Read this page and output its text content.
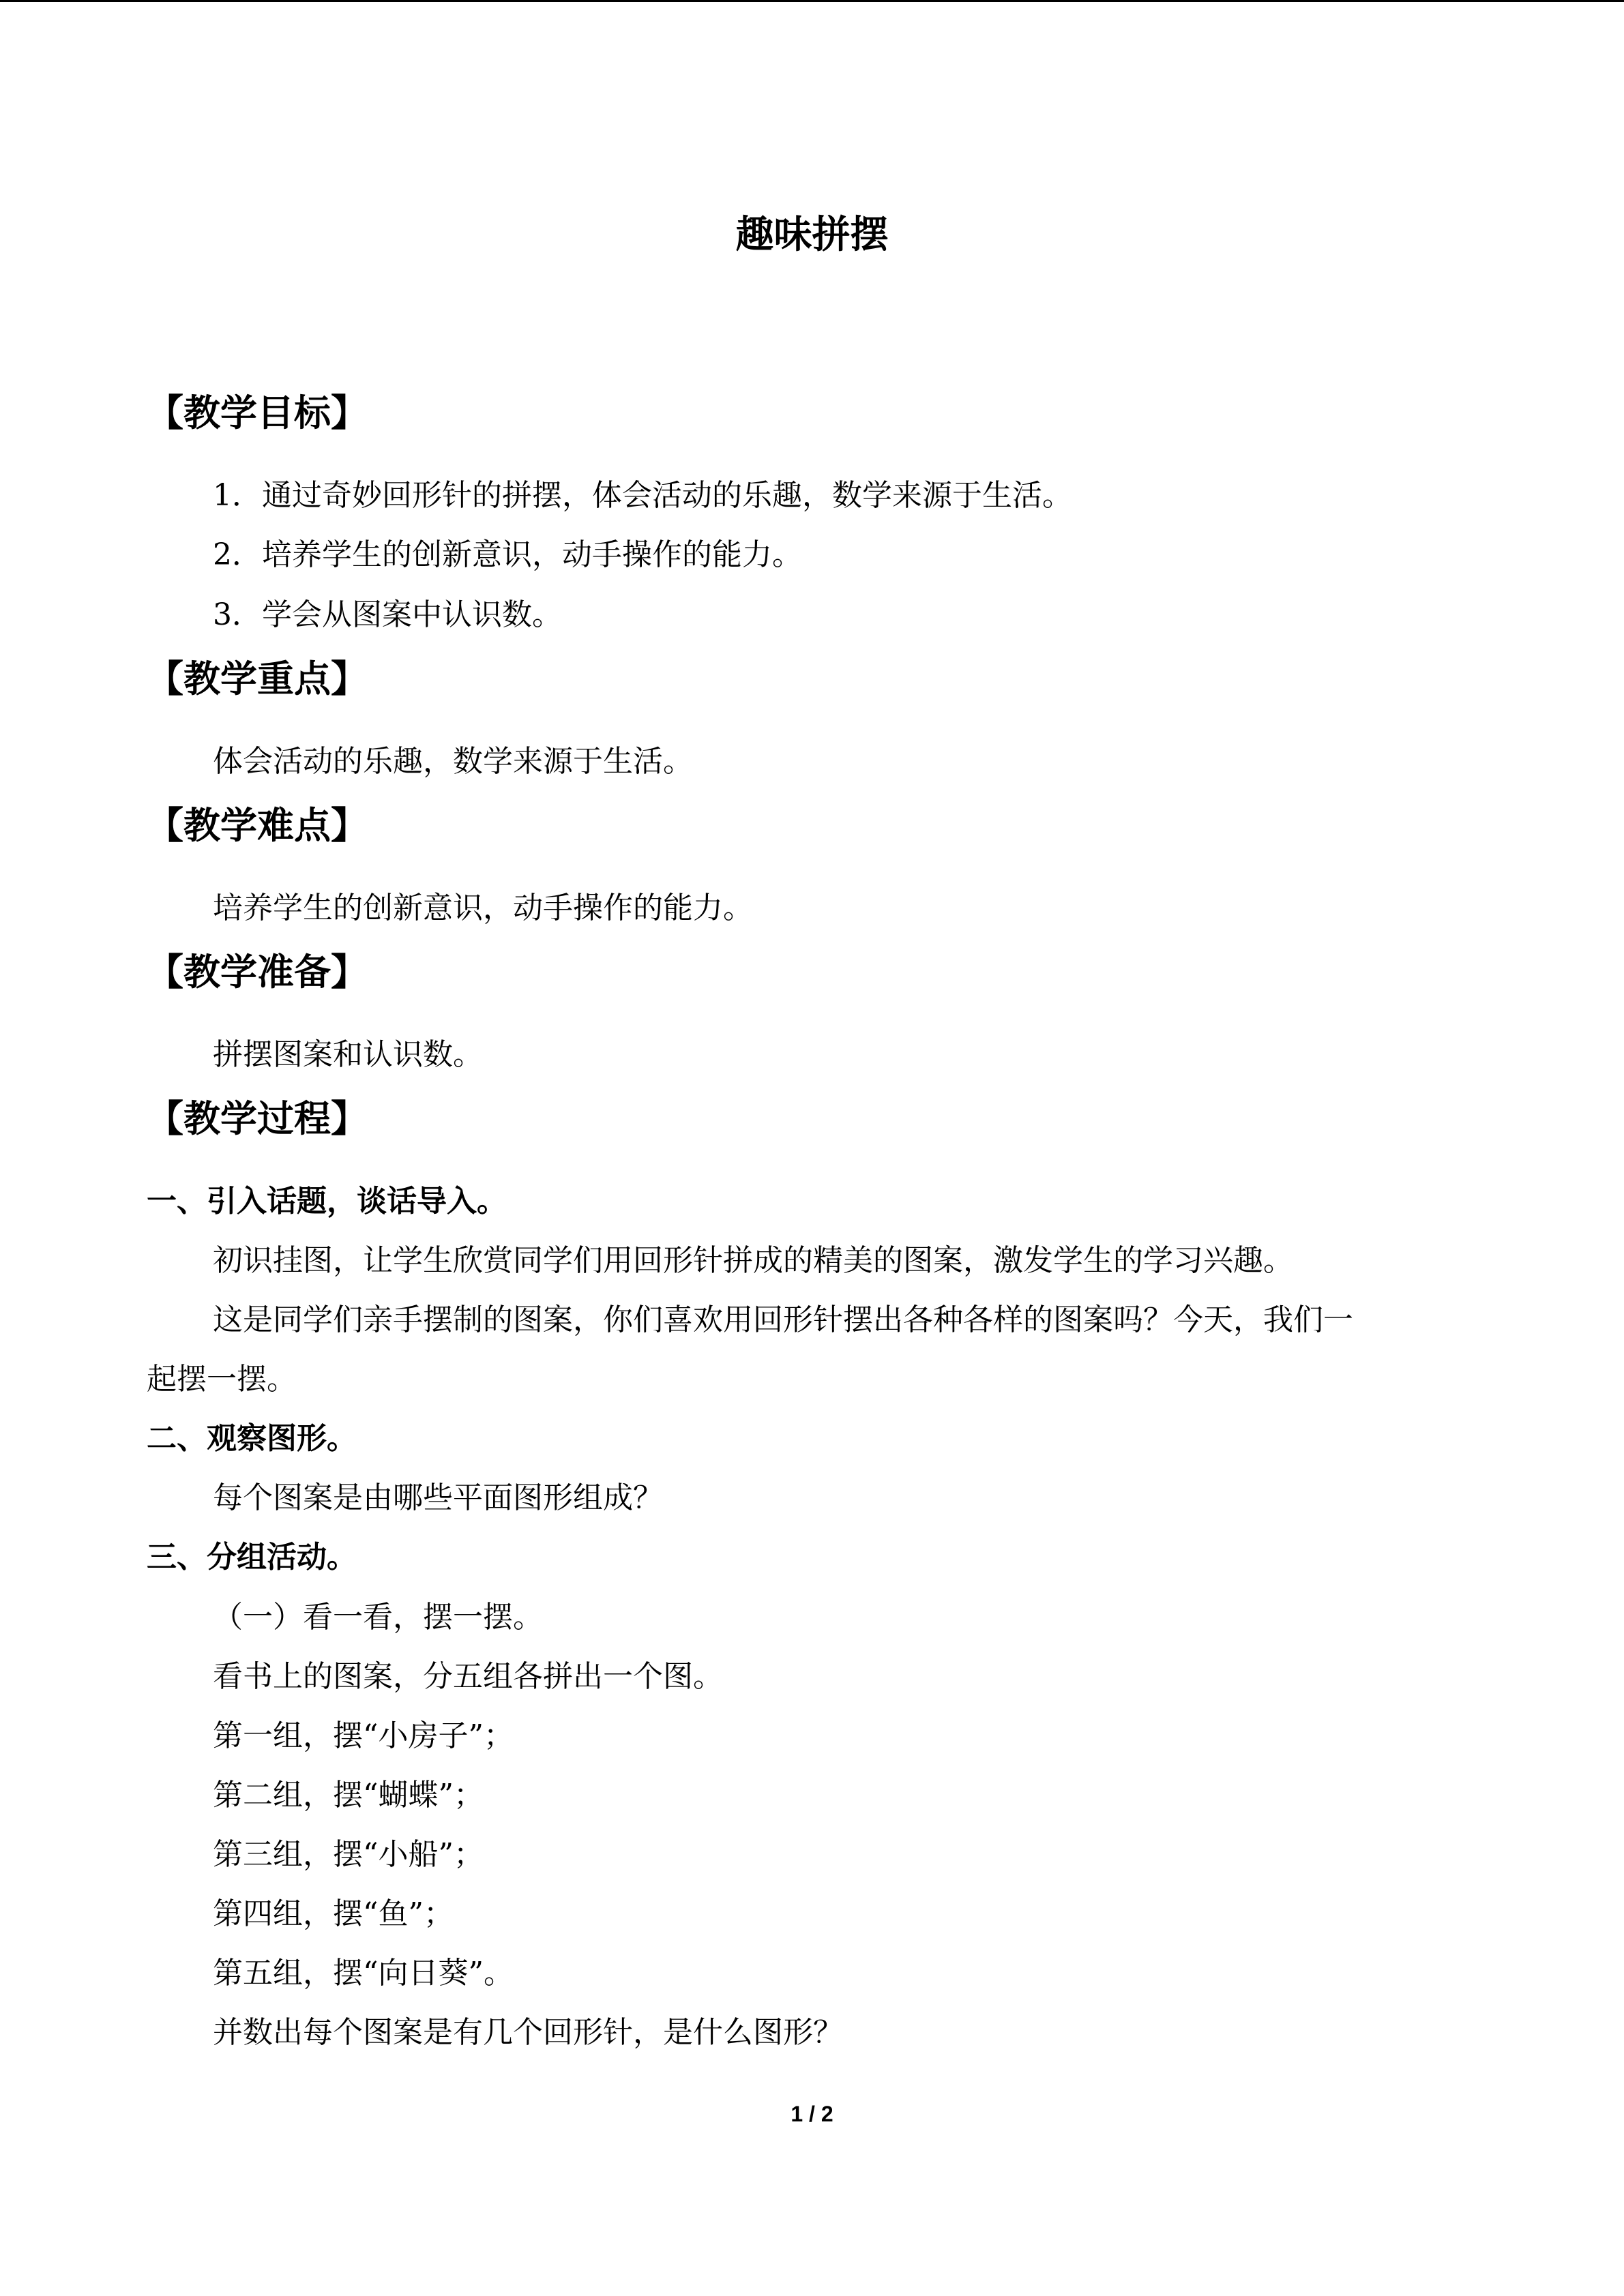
趣味拼摆
【教学目标】
1．通过奇妙回形针的拼摆，体会活动的乐趣，数学来源于生活。
2．培养学生的创新意识，动手操作的能力。
3．学会从图案中认识数。
【教学重点】
体会活动的乐趣，数学来源于生活。
【教学难点】
培养学生的创新意识，动手操作的能力。
【教学准备】
拼摆图案和认识数。
【教学过程】
一、引入话题，谈话导入。
初识挂图，让学生欣赏同学们用回形针拼成的精美的图案，激发学生的学习兴趣。
这是同学们亲手摆制的图案，你们喜欢用回形针摆出各种各样的图案吗？今天，我们一
起摆一摆。
二、观察图形。
每个图案是由哪些平面图形组成？
三、分组活动。
（一）看一看，摆一摆。
看书上的图案，分五组各拼出一个图。
第一组，摆“小房子”；
第二组，摆“蝴蝶”；
第三组，摆“小船”；
第四组，摆“鱼”；
第五组，摆“向日葵”。
并数出每个图案是有几个回形针，是什么图形？
1 / 2
